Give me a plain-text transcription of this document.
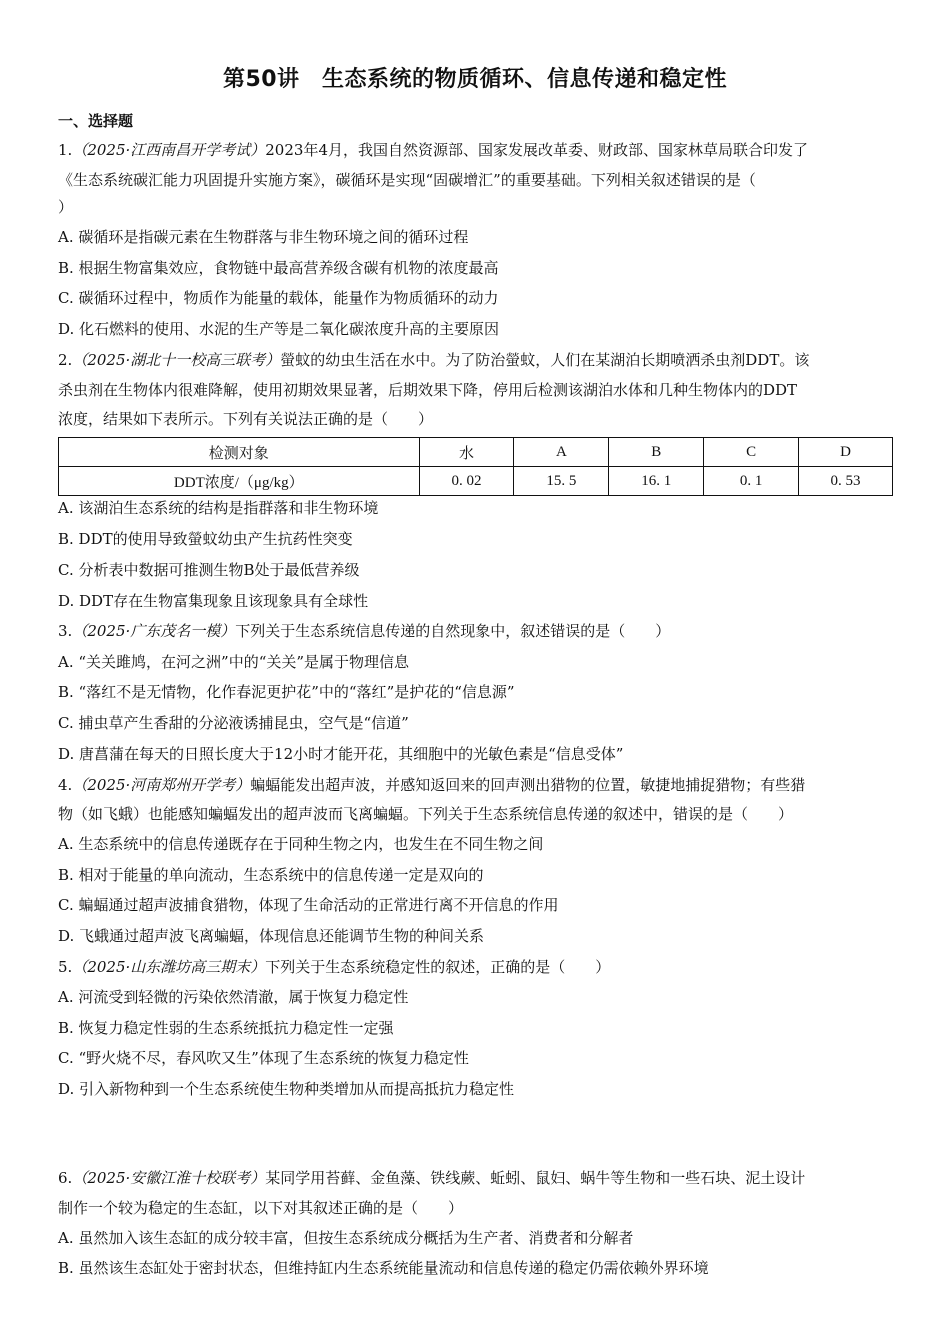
第50讲　生态系统的物质循环、信息传递和稳定性
一、选择题
1.（2025·江西南昌开学考试）2023年4月，我国自然资源部、国家发展改革委、财政部、国家林草局联合印发了
《生态系统碳汇能力巩固提升实施方案》，碳循环是实现“固碳增汇”的重要基础。下列相关叙述错误的是（
）
A. 碳循环是指碳元素在生物群落与非生物环境之间的循环过程
B. 根据生物富集效应，食物链中最高营养级含碳有机物的浓度最高
C. 碳循环过程中，物质作为能量的载体，能量作为物质循环的动力
D. 化石燃料的使用、水泥的生产等是二氧化碳浓度升高的主要原因
2.（2025·湖北十一校高三联考）螢蚊的幼虫生活在水中。为了防治螢蚊，人们在某湖泊长期喷洒杀虫剂DDT。该
杀虫剂在生物体内很难降解，使用初期效果显著，后期效果下降，停用后检测该湖泊水体和几种生物体内的DDT
浓度，结果如下表所示。下列有关说法正确的是（　　）
检测对象	水	A	B	C	D
DDT浓度/（μg/kg）	0. 02	15. 5	16. 1	0. 1	0. 53
A. 该湖泊生态系统的结构是指群落和非生物环境
B. DDT的使用导致螢蚊幼虫产生抗药性突变
C. 分析表中数据可推测生物B处于最低营养级
D. DDT存在生物富集现象且该现象具有全球性
3.（2025·广东茂名一模）下列关于生态系统信息传递的自然现象中，叙述错误的是（　　）
A. “关关雎鸠，在河之洲”中的“关关”是属于物理信息
B. “落红不是无情物，化作春泥更护花”中的“落红”是护花的“信息源”
C. 捕虫草产生香甜的分泌液诱捕昆虫，空气是“信道”
D. 唐菖蒲在每天的日照长度大于12小时才能开花，其细胞中的光敏色素是“信息受体”
4.（2025·河南郑州开学考）蝙蝠能发出超声波，并感知返回来的回声测出猎物的位置，敏捷地捕捉猎物；有些猎
物（如飞蛾）也能感知蝙蝠发出的超声波而飞离蝙蝠。下列关于生态系统信息传递的叙述中，错误的是（　　）
A. 生态系统中的信息传递既存在于同种生物之内，也发生在不同生物之间
B. 相对于能量的单向流动，生态系统中的信息传递一定是双向的
C. 蝙蝠通过超声波捕食猎物，体现了生命活动的正常进行离不开信息的作用
D. 飞蛾通过超声波飞离蝙蝠，体现信息还能调节生物的种间关系
5.（2025·山东潍坊高三期末）下列关于生态系统稳定性的叙述，正确的是（　　）
A. 河流受到轻微的污染依然清澈，属于恢复力稳定性
B. 恢复力稳定性弱的生态系统抵抗力稳定性一定强
C. “野火烧不尽，春风吹又生”体现了生态系统的恢复力稳定性
D. 引入新物种到一个生态系统使生物种类增加从而提高抵抗力稳定性
6.（2025·安徽江淮十校联考）某同学用苔藓、金鱼藻、铁线蕨、蚯蚓、鼠妇、蜗牛等生物和一些石块、泥土设计
制作一个较为稳定的生态缸，以下对其叙述正确的是（　　）
A. 虽然加入该生态缸的成分较丰富，但按生态系统成分概括为生产者、消费者和分解者
B. 虽然该生态缸处于密封状态，但维持缸内生态系统能量流动和信息传递的稳定仍需依赖外界环境
